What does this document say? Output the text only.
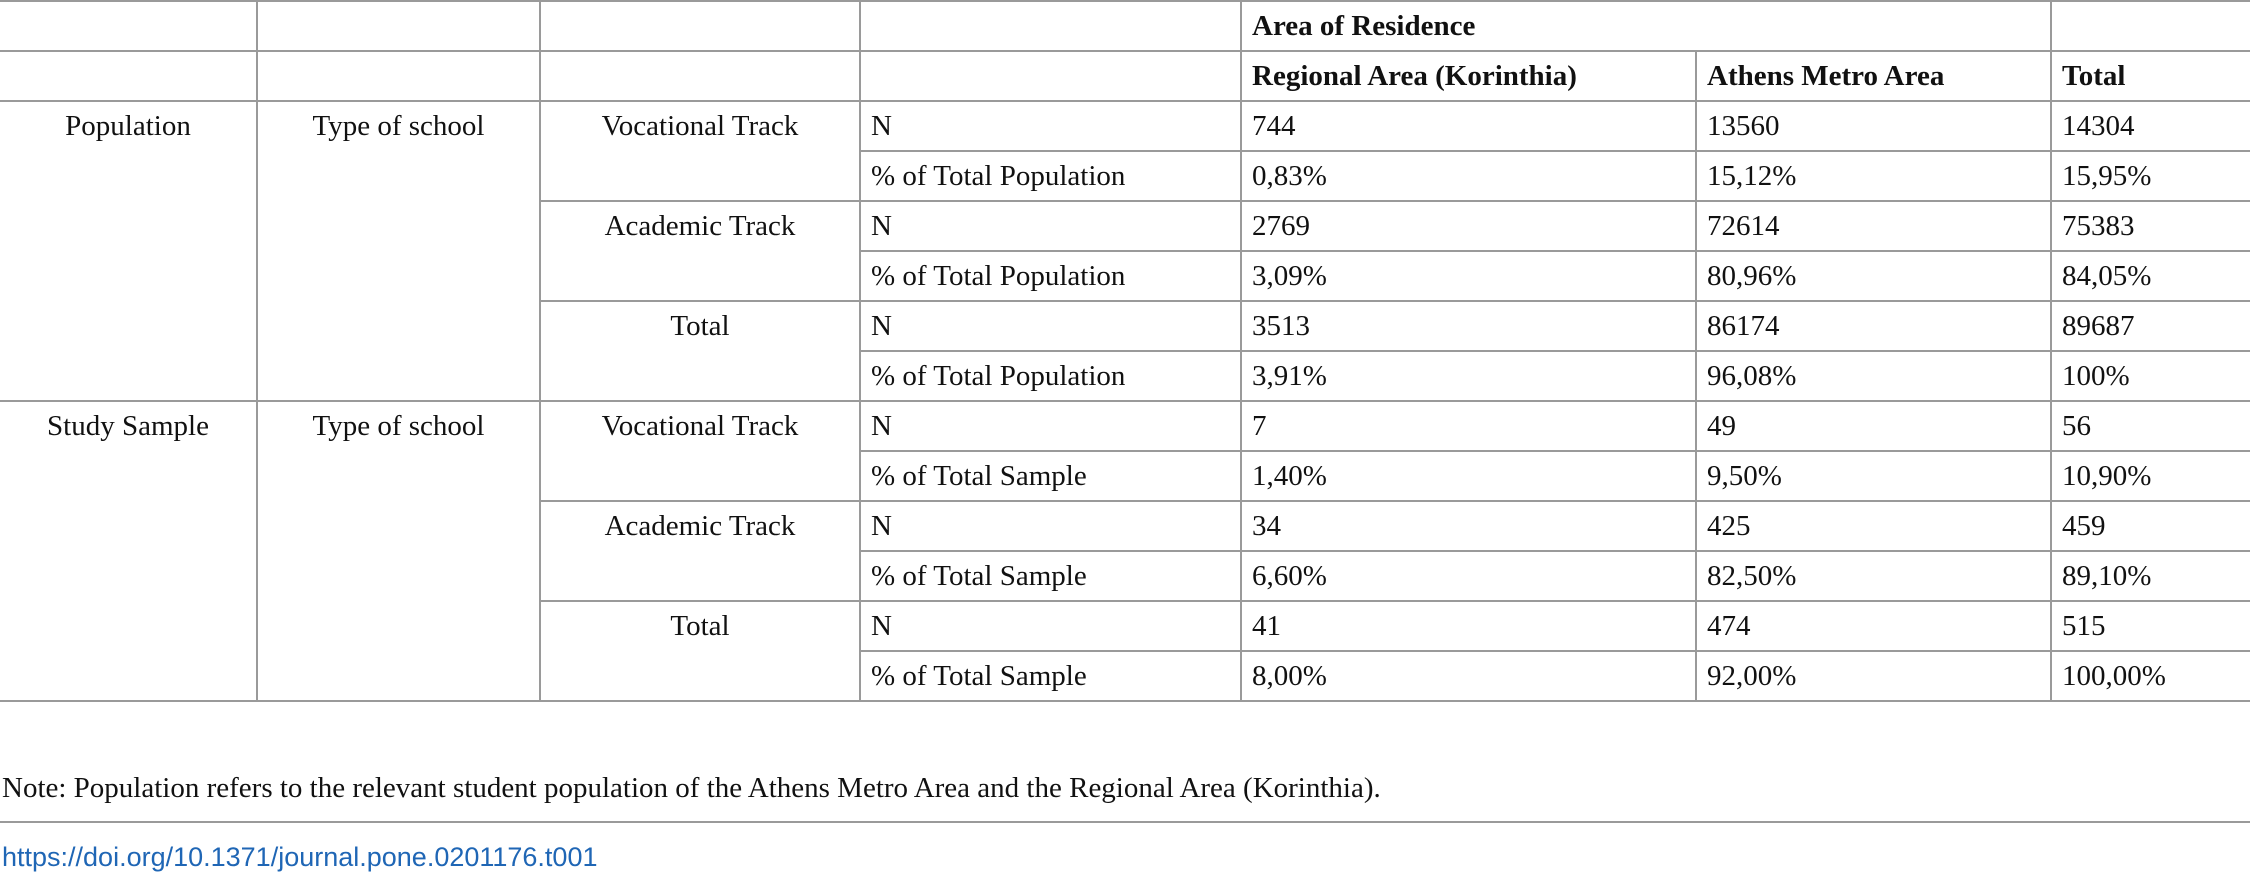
				Area of Residence		
				Regional Area (Korinthia)	Athens Metro Area	Total
Population	Type of school	Vocational Track	N	744	13560	14304
			% of Total Population	0,83%	15,12%	15,95%
		Academic Track	N	2769	72614	75383
			% of Total Population	3,09%	80,96%	84,05%
		Total	N	3513	86174	89687
			% of Total Population	3,91%	96,08%	100%
Study Sample	Type of school	Vocational Track	N	7	49	56
			% of Total Sample	1,40%	9,50%	10,90%
		Academic Track	N	34	425	459
			% of Total Sample	6,60%	82,50%	89,10%
		Total	N	41	474	515
			% of Total Sample	8,00%	92,00%	100,00%
Note: Population refers to the relevant student population of the Athens Metro Area and the Regional Area (Korinthia).
https://doi.org/10.1371/journal.pone.0201176.t001
